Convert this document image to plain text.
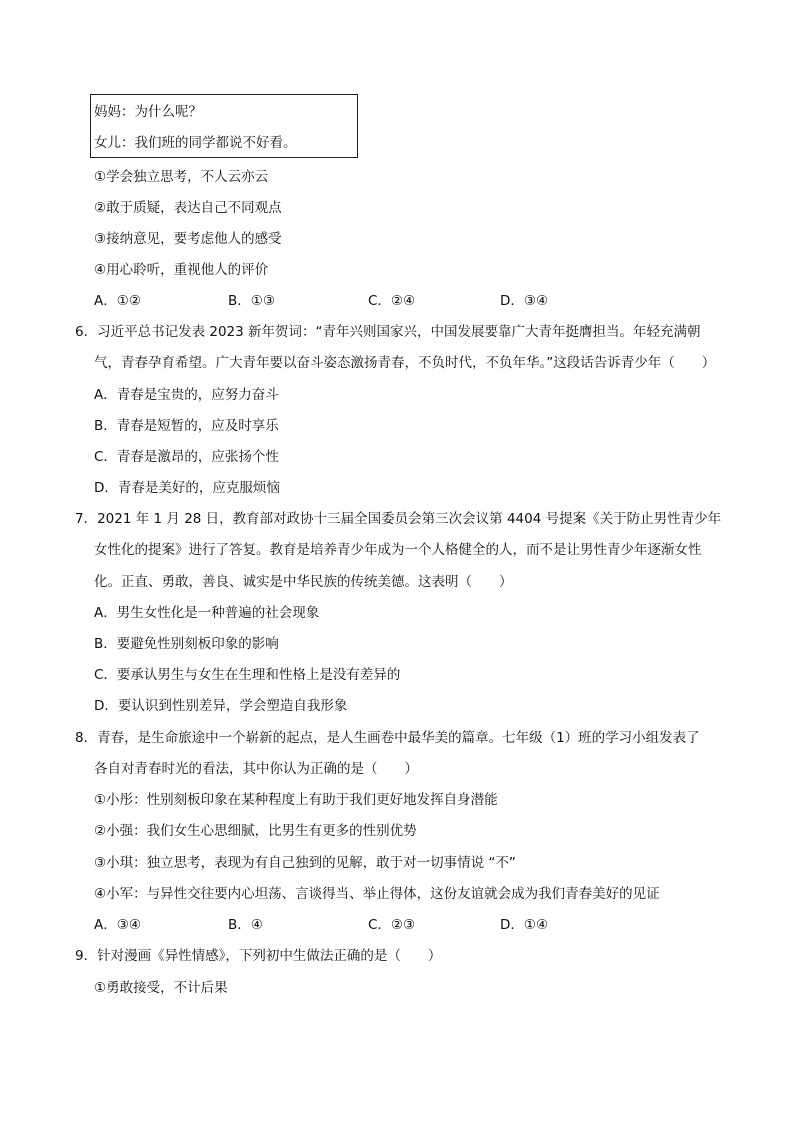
妈妈：为什么呢？
女儿：我们班的同学都说不好看。
①学会独立思考，不人云亦云
②敢于质疑，表达自己不同观点
③接纳意见，要考虑他人的感受
④用心聆听，重视他人的评价
A．①②	B．①③	C．②④	D．③④
6．习近平总书记发表 2023 新年贺词：“青年兴则国家兴，中国发展要靠广大青年挺膺担当。年轻充满朝
气，青春孕育希望。广大青年要以奋斗姿态激扬青春，不负时代，不负年华。”这段话告诉青少年（　　）
A．青春是宝贵的，应努力奋斗
B．青春是短暂的，应及时享乐
C．青春是激昂的，应张扬个性
D．青春是美好的，应克服烦恼
7．2021 年 1 月 28 日，教育部对政协十三届全国委员会第三次会议第 4404 号提案《关于防止男性青少年
女性化的提案》进行了答复。教育是培养青少年成为一个人格健全的人，而不是让男性青少年逐渐女性
化。正直、勇敢，善良、诚实是中华民族的传统美德。这表明（　　）
A．男生女性化是一种普遍的社会现象
B．要避免性别刻板印象的影响
C．要承认男生与女生在生理和性格上是没有差异的
D．要认识到性别差异，学会塑造自我形象
8．青春，是生命旅途中一个崭新的起点，是人生画卷中最华美的篇章。七年级（1）班的学习小组发表了
各自对青春时光的看法，其中你认为正确的是（　　）
①小彤：性别刻板印象在某种程度上有助于我们更好地发挥自身潜能
②小强：我们女生心思细腻，比男生有更多的性别优势
③小琪：独立思考，表现为有自己独到的见解，敢于对一切事情说 “不”
④小军：与异性交往要内心坦荡、言谈得当、举止得体，这份友谊就会成为我们青春美好的见证
A．③④	B．④	C．②③	D．①④
9．针对漫画《异性情感》，下列初中生做法正确的是（　　）
①勇敢接受，不计后果
